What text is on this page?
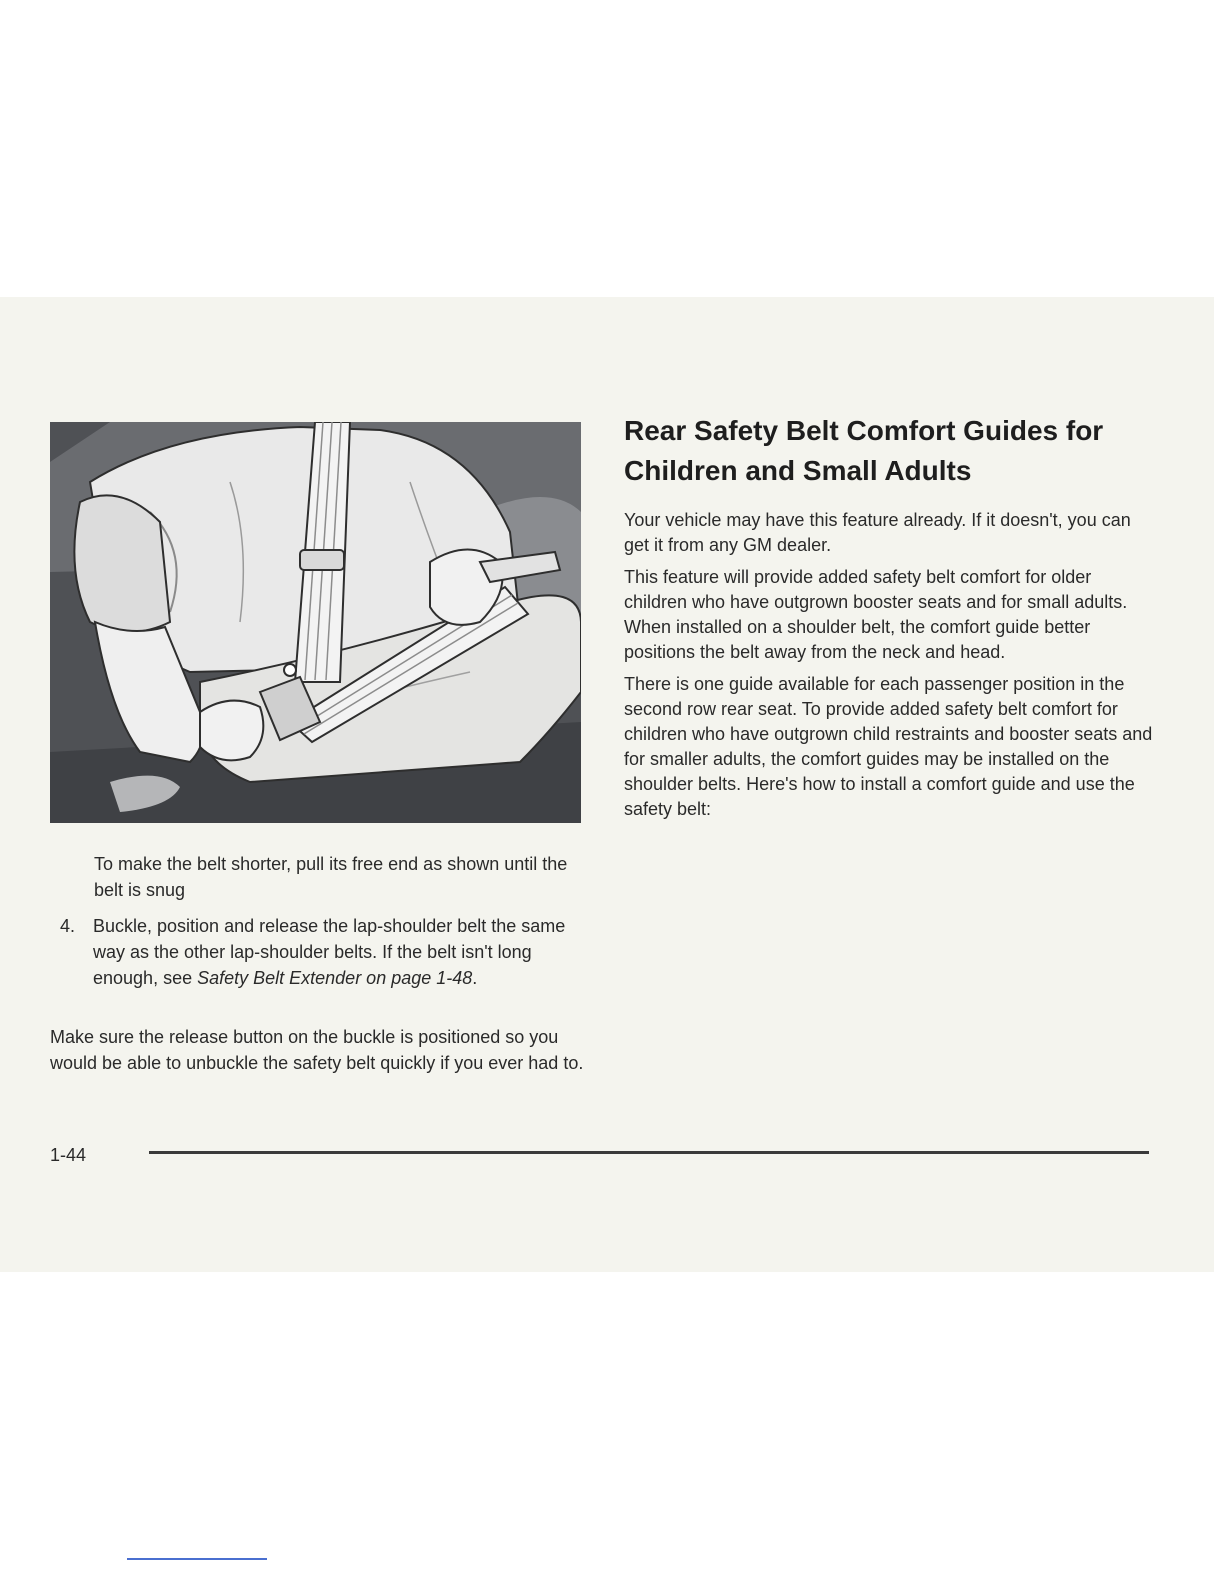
To make the belt shorter, pull its free end as shown until the belt is snug

4. Buckle, position and release the lap-shoulder belt the same way as the other lap-shoulder belts. If the belt isn't long enough, see Safety Belt Extender on page 1-48.

Make sure the release button on the buckle is positioned so you would be able to unbuckle the safety belt quickly if you ever had to.

Rear Safety Belt Comfort Guides for Children and Small Adults

Your vehicle may have this feature already. If it doesn't, you can get it from any GM dealer.

This feature will provide added safety belt comfort for older children who have outgrown booster seats and for small adults. When installed on a shoulder belt, the comfort guide better positions the belt away from the neck and head.

There is one guide available for each passenger position in the second row rear seat. To provide added safety belt comfort for children who have outgrown child restraints and booster seats and for smaller adults, the comfort guides may be installed on the shoulder belts. Here's how to install a comfort guide and use the safety belt:

1-44
